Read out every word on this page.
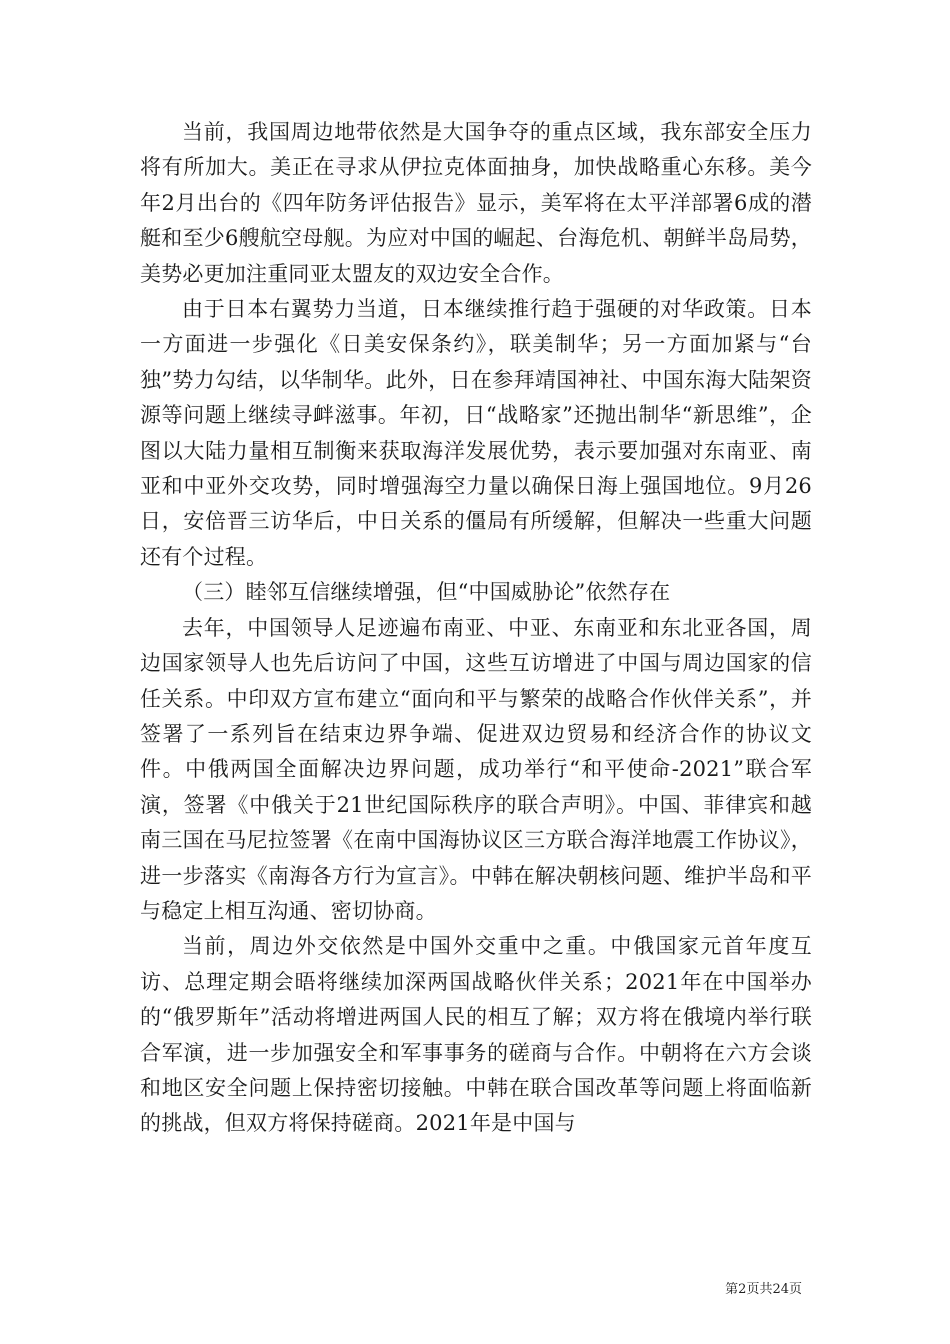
当前，我国周边地带依然是大国争夺的重点区域，我东部安全压力将有所加大。美正在寻求从伊拉克体面抽身，加快战略重心东移。美今年2月出台的《四年防务评估报告》显示，美军将在太平洋部署6成的潜艇和至少6艘航空母舰。为应对中国的崛起、台海危机、朝鲜半岛局势，美势必更加注重同亚太盟友的双边安全合作。

由于日本右翼势力当道，日本继续推行趋于强硬的对华政策。日本一方面进一步强化《日美安保条约》，联美制华；另一方面加紧与“台独”势力勾结，以华制华。此外，日在参拜靖国神社、中国东海大陆架资源等问题上继续寻衅滋事。年初，日“战略家”还抛出制华“新思维”，企图以大陆力量相互制衡来获取海洋发展优势，表示要加强对东南亚、南亚和中亚外交攻势，同时增强海空力量以确保日海上强国地位。9月26日，安倍晋三访华后，中日关系的僵局有所缓解，但解决一些重大问题还有个过程。

（三）睦邻互信继续增强，但“中国威胁论”依然存在

去年，中国领导人足迹遍布南亚、中亚、东南亚和东北亚各国，周边国家领导人也先后访问了中国，这些互访增进了中国与周边国家的信任关系。中印双方宣布建立“面向和平与繁荣的战略合作伙伴关系”，并签署了一系列旨在结束边界争端、促进双边贸易和经济合作的协议文件。中俄两国全面解决边界问题，成功举行“和平使命-2021”联合军演，签署《中俄关于21世纪国际秩序的联合声明》。中国、菲律宾和越南三国在马尼拉签署《在南中国海协议区三方联合海洋地震工作协议》，进一步落实《南海各方行为宣言》。中韩在解决朝核问题、维护半岛和平与稳定上相互沟通、密切协商。

当前，周边外交依然是中国外交重中之重。中俄国家元首年度互访、总理定期会晤将继续加深两国战略伙伴关系；2021年在中国举办的“俄罗斯年”活动将增进两国人民的相互了解；双方将在俄境内举行联合军演，进一步加强安全和军事事务的磋商与合作。中朝将在六方会谈和地区安全问题上保持密切接触。中韩在联合国改革等问题上将面临新的挑战，但双方将保持磋商。2021年是中国与

第2页共24页
